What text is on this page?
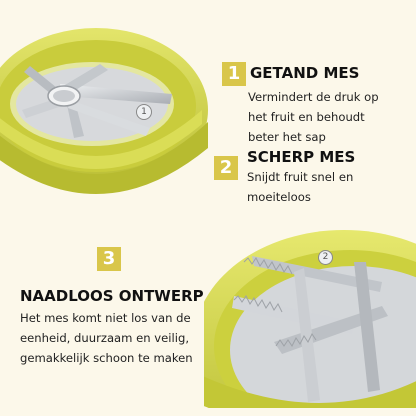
1
2
1 GETAND MES
Vermindert de druk op het fruit en behoudt beter het sap
2 SCHERP MES
Snijdt fruit snel en moeiteloos
3
NAADLOOS ONTWERP
Het mes komt niet los van de eenheid, duurzaam en veilig, gemakkelijk schoon te maken
